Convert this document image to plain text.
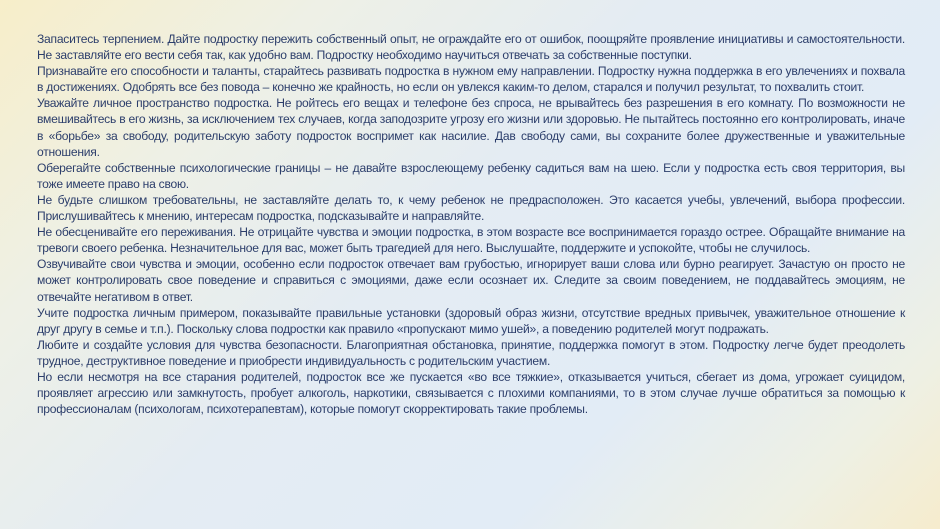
Запаситесь терпением. Дайте подростку пережить собственный опыт, не ограждайте его от ошибок, поощряйте проявление инициативы и самостоятельности. Не заставляйте его вести себя так, как удобно вам. Подростку необходимо научиться отвечать за собственные поступки.

Признавайте его способности и таланты, старайтесь развивать подростка в нужном ему направлении. Подростку нужна поддержка в его увлечениях и похвала в достижениях. Одобрять все без повода – конечно же крайность, но если он увлекся каким-то делом, старался и получил результат, то похвалить стоит.

Уважайте личное пространство подростка. Не ройтесь его вещах и телефоне без спроса, не врывайтесь без разрешения в его комнату. По возможности не вмешивайтесь в его жизнь, за исключением тех случаев, когда заподозрите угрозу его жизни или здоровью. Не пытайтесь постоянно его контролировать, иначе в «борьбе» за свободу, родительскую заботу подросток воспримет как насилие. Дав свободу сами, вы сохраните более дружественные и уважительные отношения.

Оберегайте собственные психологические границы – не давайте взрослеющему ребенку садиться вам на шею. Если у подростка есть своя территория, вы тоже имеете право на свою.

Не будьте слишком требовательны, не заставляйте делать то, к чему ребенок не предрасположен. Это касается учебы, увлечений, выбора профессии. Прислушивайтесь к мнению, интересам подростка, подсказывайте и направляйте.

Не обесценивайте его переживания. Не отрицайте чувства и эмоции подростка, в этом возрасте все воспринимается гораздо острее. Обращайте внимание на тревоги своего ребенка. Незначительное для вас, может быть трагедией для него. Выслушайте, поддержите и успокойте, чтобы не случилось.

Озвучивайте свои чувства и эмоции, особенно если подросток отвечает вам грубостью, игнорирует ваши слова или бурно реагирует. Зачастую он просто не может контролировать свое поведение и справиться с эмоциями, даже если осознает их. Следите за своим поведением, не поддавайтесь эмоциям, не отвечайте негативом в ответ.

Учите подростка личным примером, показывайте правильные установки (здоровый образ жизни, отсутствие вредных привычек, уважительное отношение к друг другу в семье и т.п.). Поскольку слова подростки как правило «пропускают мимо ушей», а поведению родителей могут подражать.

Любите и создайте условия для чувства безопасности. Благоприятная обстановка, принятие, поддержка помогут в этом. Подростку легче будет преодолеть трудное, деструктивное поведение и приобрести индивидуальность с родительским участием.

Но если несмотря на все старания родителей, подросток все же пускается «во все тяжкие», отказывается учиться, сбегает из дома, угрожает суицидом, проявляет агрессию или замкнутость, пробует алкоголь, наркотики, связывается с плохими компаниями, то в этом случае лучше обратиться за помощью к профессионалам (психологам, психотерапевтам), которые помогут скорректировать такие проблемы.
